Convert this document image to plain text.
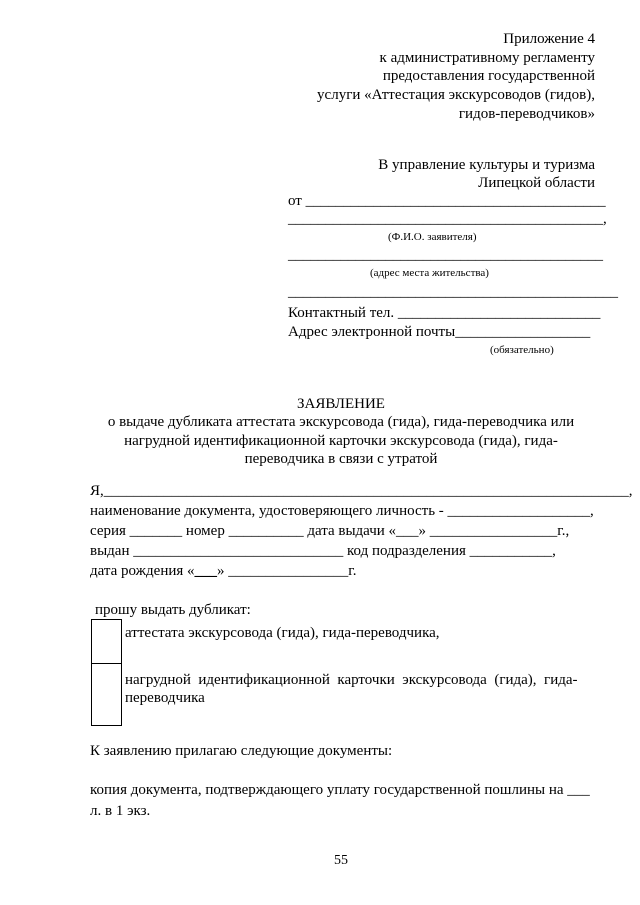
Приложение 4
к административному регламенту
предоставления государственной
услуги «Аттестация экскурсоводов (гидов),
гидов-переводчиков»
В управление культуры и туризма
Липецкой области
от ________________________________________
__________________________________________,
(Ф.И.О. заявителя)
__________________________________________
(адрес места жительства)
____________________________________________
Контактный тел. ___________________________
Адрес электронной почты__________________
(обязательно)
ЗАЯВЛЕНИЕ
о выдаче дубликата аттестата экскурсовода (гида), гида-переводчика или
нагрудной идентификационной карточки экскурсовода (гида), гида-
переводчика в связи с утратой
Я,______________________________________________________________________,
наименование документа, удостоверяющего личность - ___________________,
серия _______ номер __________ дата выдачи «___» _________________г.,
выдан ____________________________ код подразделения ___________,
дата рождения «___» ________________г.
прошу выдать дубликат:
аттестата экскурсовода (гида), гида-переводчика,
нагрудной  идентификационной  карточки  экскурсовода  (гида),  гида-
переводчика
К заявлению прилагаю следующие документы:
копия документа, подтверждающего уплату государственной пошлины на ___
л. в 1 экз.
55
